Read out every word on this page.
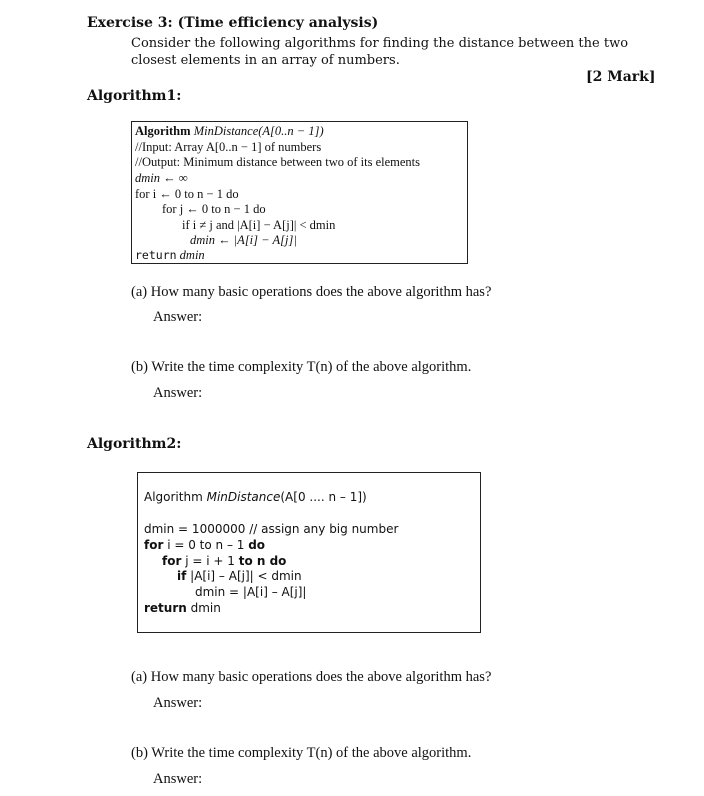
Exercise 3: (Time efficiency analysis)
Consider the following algorithms for finding the distance between the two
closest elements in an array of numbers.
[2 Mark]
Algorithm1:
Algorithm MinDistance(A[0..n − 1])
//Input: Array A[0..n − 1] of numbers
//Output: Minimum distance between two of its elements
dmin ← ∞
for i ← 0 to n − 1 do
for j ← 0 to n − 1 do
if i ≠ j and |A[i] − A[j]| < dmin
dmin ← |A[i] − A[j]|
return dmin
(a) How many basic operations does the above algorithm has?
Answer:
(b) Write the time complexity T(n) of the above algorithm.
Answer:
Algorithm2:
Algorithm MinDistance(A[0 .... n – 1])
dmin = 1000000 // assign any big number
for i = 0 to n – 1 do
for j = i + 1 to n do
if |A[i] – A[j]| < dmin
dmin = |A[i] – A[j]|
return dmin
(a) How many basic operations does the above algorithm has?
Answer:
(b) Write the time complexity T(n) of the above algorithm.
Answer:
